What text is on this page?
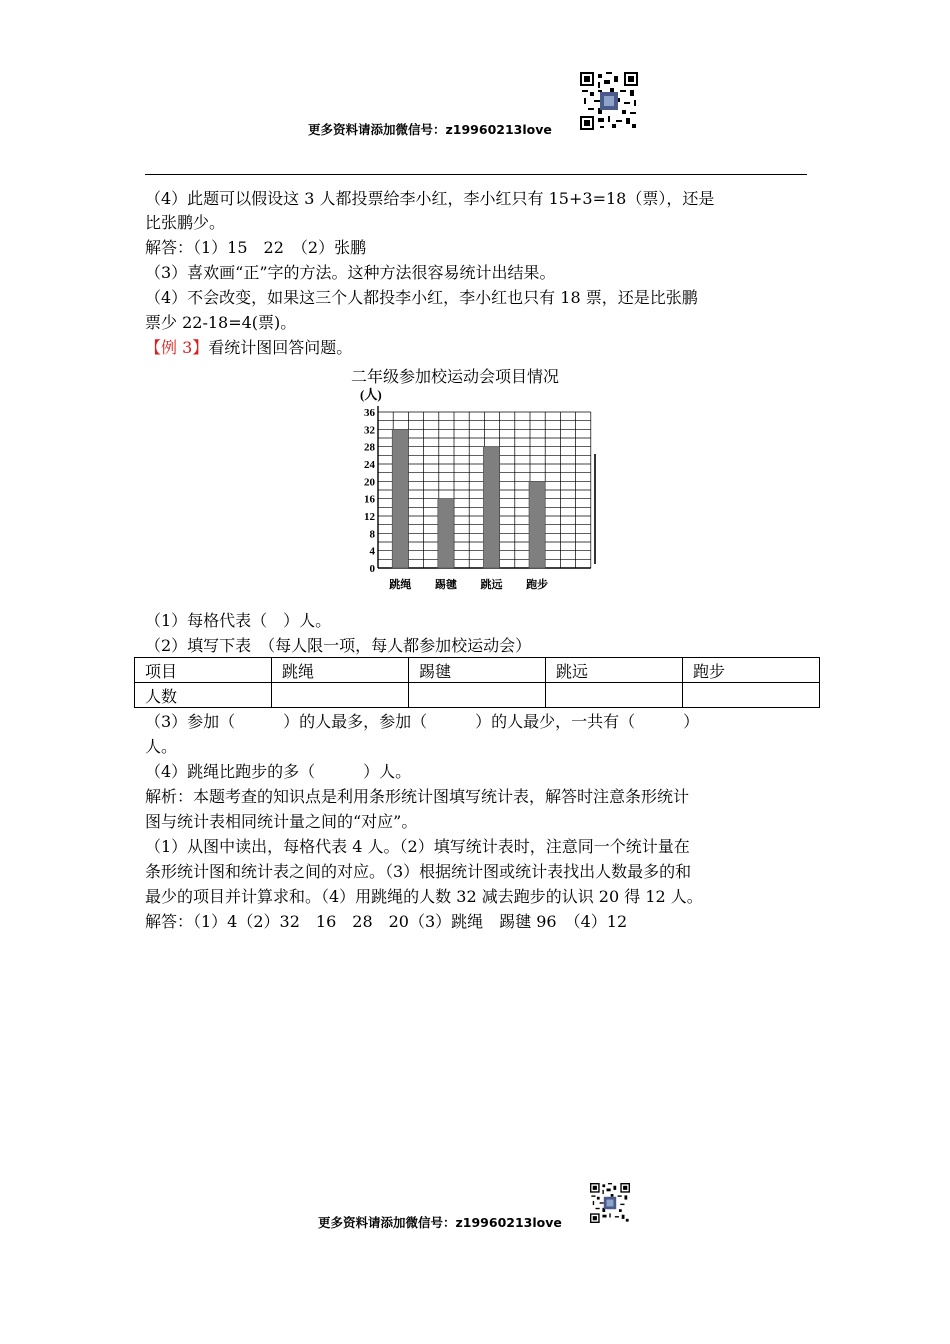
更多资料请添加微信号：z19960213love
（4）此题可以假设这 3 人都投票给李小红，李小红只有 15+3=18（票），还是
比张鹏少。
解答：（1）15　22　（2）张鹏
（3）喜欢画“正”字的方法。这种方法很容易统计出结果。
（4）不会改变，如果这三个人都投李小红，李小红也只有 18 票，还是比张鹏
票少 22-18=4(票)。
【例 3】看统计图回答问题。
二年级参加校运动会项目情况
(人)
0
4
8
12
16
20
24
28
32
36
跳绳 踢毽 跳远 跑步
（1）每格代表（　）人。
（2）填写下表　（每人限一项，每人都参加校运动会）
项目	跳绳	踢毽	跳远	跑步
人数				
（3）参加（　　　）的人最多，参加（　　　）的人最少，一共有（　　　）
人。
（4）跳绳比跑步的多（　　　）人。
解析：本题考查的知识点是利用条形统计图填写统计表，解答时注意条形统计
图与统计表相同统计量之间的“对应”。
（1）从图中读出，每格代表 4 人。（2）填写统计表时，注意同一个统计量在
条形统计图和统计表之间的对应。（3）根据统计图或统计表找出人数最多的和
最少的项目并计算求和。（4）用跳绳的人数 32 减去跑步的认识 20 得 12 人。
解答：（1）4（2）32　16　28　20（3）跳绳　踢毽 96　（4）12
更多资料请添加微信号：z19960213love
